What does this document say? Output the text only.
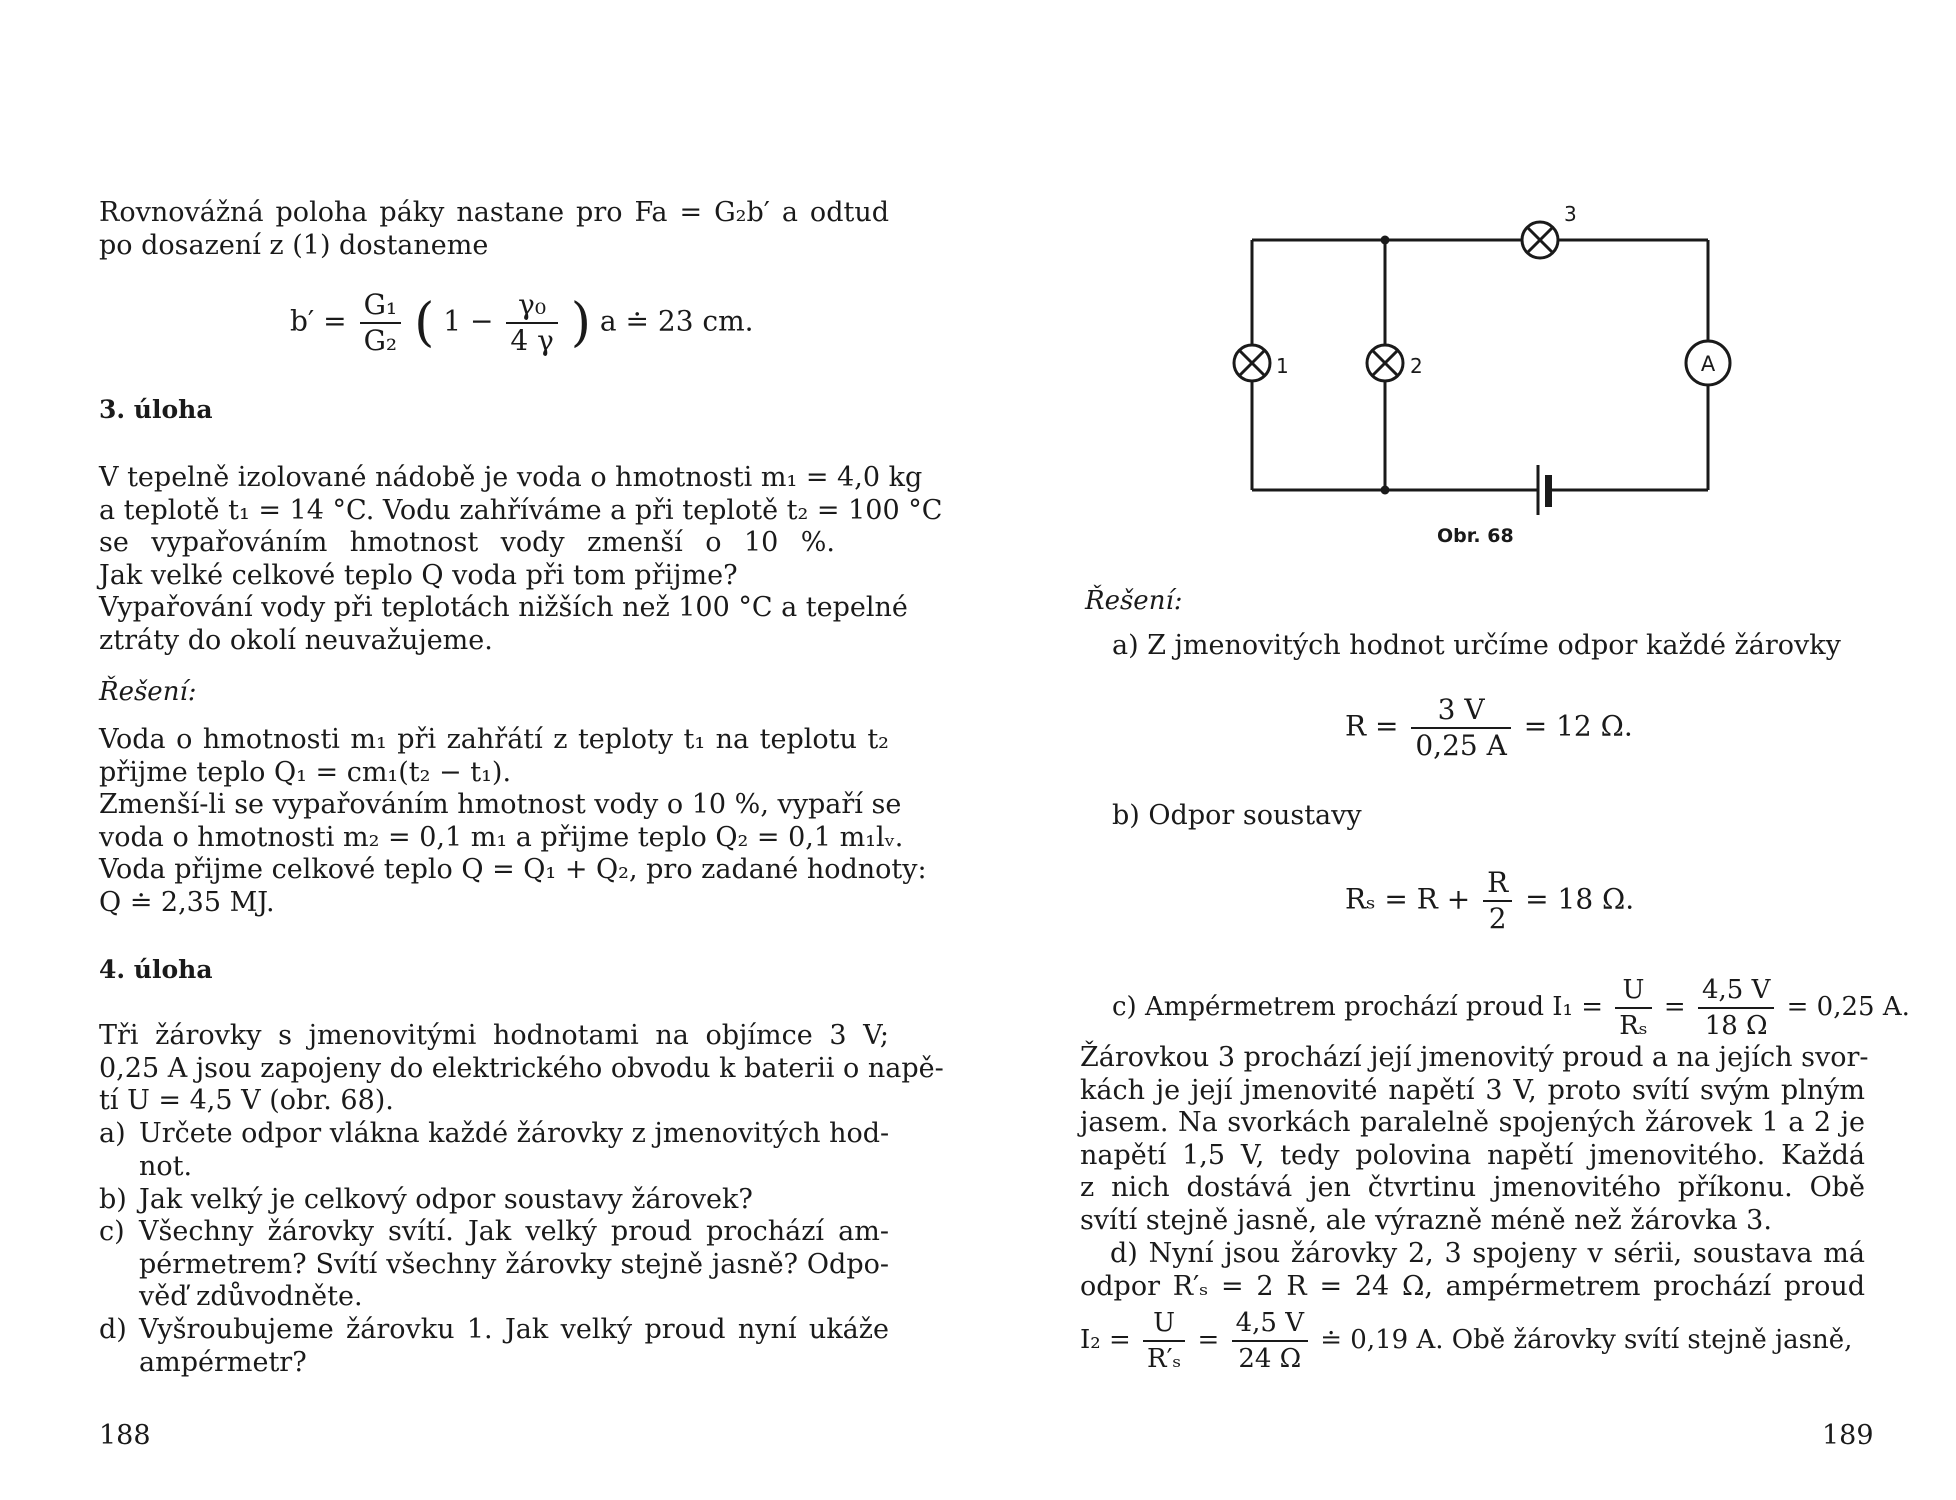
Rovnovážná poloha páky nastane pro Fa = G₂b′ a odtud
po dosazení z (1) dostaneme

$b' = \frac{\text{G₁}}{\text{G₂}}$ ( $1 - \frac{\text{γ₀}}{4 \gamma}$ ) a ≐ 23 cm.
3. úloha

V tepelně izolované nádobě je voda o hmotnosti m₁ = 4,0 kg
a teplotě t₁ = 14 °C. Vodu zahříváme a při teplotě t₂ = 100 °C
se vypařováním hmotnost vody zmenší o 10 %.
Jak velké celkové teplo Q voda při tom přijme?
Vypařování vody při teplotách nižších než 100 °C a tepelné
ztráty do okolí neuvažujeme.

Řešení:

Voda o hmotnosti m₁ při zahřátí z teploty t₁ na teplotu t₂
přijme teplo Q₁ = cm₁(t₂ − t₁).
Zmenší-li se vypařováním hmotnost vody o 10 %, vypaří se
voda o hmotnosti m₂ = 0,1 m₁ a přijme teplo Q₂ = 0,1 m₁lᵥ.
Voda přijme celkové teplo Q = Q₁ + Q₂, pro zadané hodnoty:
Q ≐ 2,35 MJ.

4. úloha

Tři žárovky s jmenovitými hodnotami na objímce 3 V;
0,25 A jsou zapojeny do elektrického obvodu k baterii o napě-
tí U = 4,5 V (obr. 68).

a) Určete odpor vlákna každé žárovky z jmenovitých hod-
not.
b) Jak velký je celkový odpor soustavy žárovek?
c) Všechny žárovky svítí. Jak velký proud prochází am-
pérmetrem? Svítí všechny žárovky stejně jasně? Odpo-
věď zdůvodněte.
d) Vyšroubujeme žárovku 1. Jak velký proud nyní ukáže
ampérmetr?
188
A
1	2
3
Obr. 68
Řešení:
a) Z jmenovitých hodnot určíme odpor každé žárovky
$R = \frac{3 V}{0,25 A} = 12$ Ω.
b) Odpor soustavy
$R_s = R + \frac{R}{2} = 18$ Ω.
c) Ampérmetrem prochází proud $I_1 = \frac{U}{\text{Rₛ}} = \frac{4,5 V}{18 \Omega} = 0,25$ A.

Žárovkou 3 prochází její jmenovitý proud a na jejích svor-
kách je její jmenovité napětí 3 V, proto svítí svým plným
jasem. Na svorkách paralelně spojených žárovek 1 a 2 je
napětí 1,5 V, tedy polovina napětí jmenovitého. Každá
z nich dostává jen čtvrtinu jmenovitého příkonu. Obě
svítí stejně jasně, ale výrazně méně než žárovka 3.

d) Nyní jsou žárovky 2, 3 spojeny v sérii, soustava má
odpor R′ₛ = 2 R = 24 Ω, ampérmetrem prochází proud

$I_2 = \frac{U}{\text{R′ₛ}} = \frac{4,5 V}{24 \Omega}$ ≐ 0,19 A. Obě žárovky svítí stejně jasně,
189
